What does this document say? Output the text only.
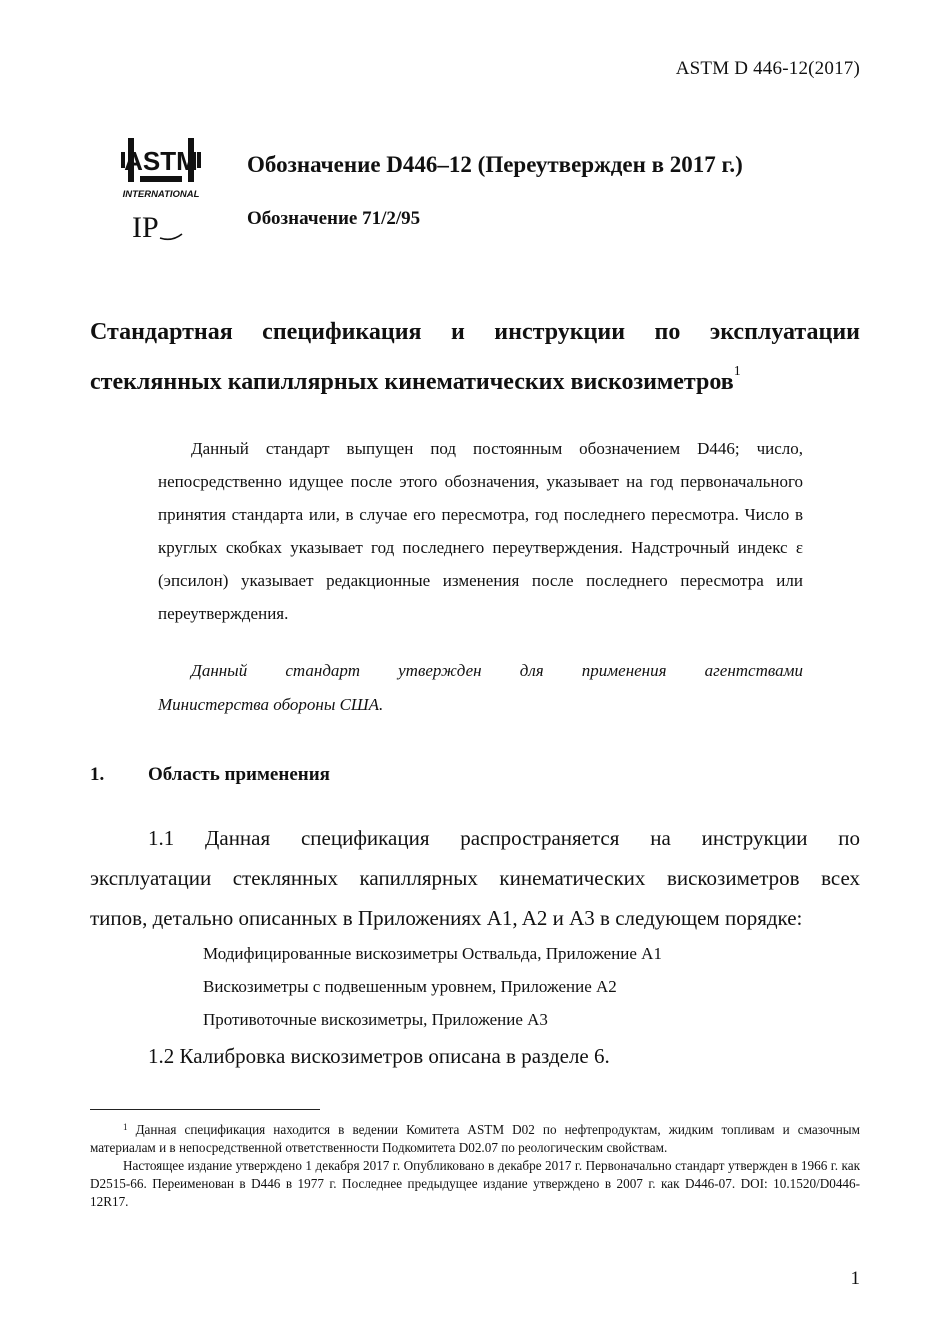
ASTM D 446-12(2017)
ASTM
INTERNATIONAL
IP
Обозначение D446–12 (Переутвержден в 2017 г.)
Обозначение 71/2/95
Стандартная спецификация и инструкции по эксплуатации
стеклянных капиллярных кинематических вискозиметров$^1$
Данный стандарт выпущен под постоянным обозначением D446; число, непосредственно идущее после этого обозначения, указывает на год первоначального принятия стандарта или, в случае его пересмотра, год последнего пересмотра. Число в круглых скобках указывает год последнего переутверждения. Надстрочный индекс ε (эпсилон) указывает редакционные изменения после последнего пересмотра или переутверждения.
Данный стандарт утвержден для применения агентствами
Министерства обороны США.
1. Область применения
1.1 Данная спецификация распространяется на инструкции по
эксплуатации стеклянных капиллярных кинематических вискозиметров всех
типов, детально описанных в Приложениях A1, A2 и A3 в следующем порядке:
Модифицированные вискозиметры Оствальда, Приложение A1
Вискозиметры с подвешенным уровнем, Приложение A2
Противоточные вискозиметры, Приложение A3
1.2 Калибровка вискозиметров описана в разделе 6.

$^1$ Данная спецификация находится в ведении Комитета ASTM D02 по нефтепродуктам, жидким топливам и смазочным материалам и в непосредственной ответственности Подкомитета D02.07 по реологическим свойствам.

Настоящее издание утверждено 1 декабря 2017 г. Опубликовано в декабре 2017 г. Первоначально стандарт утвержден в 1966 г. как D2515-66. Переименован в D446 в 1977 г. Последнее предыдущее издание утверждено в 2007 г. как D446-07. DOI: 10.1520/D0446-12R17.

1
